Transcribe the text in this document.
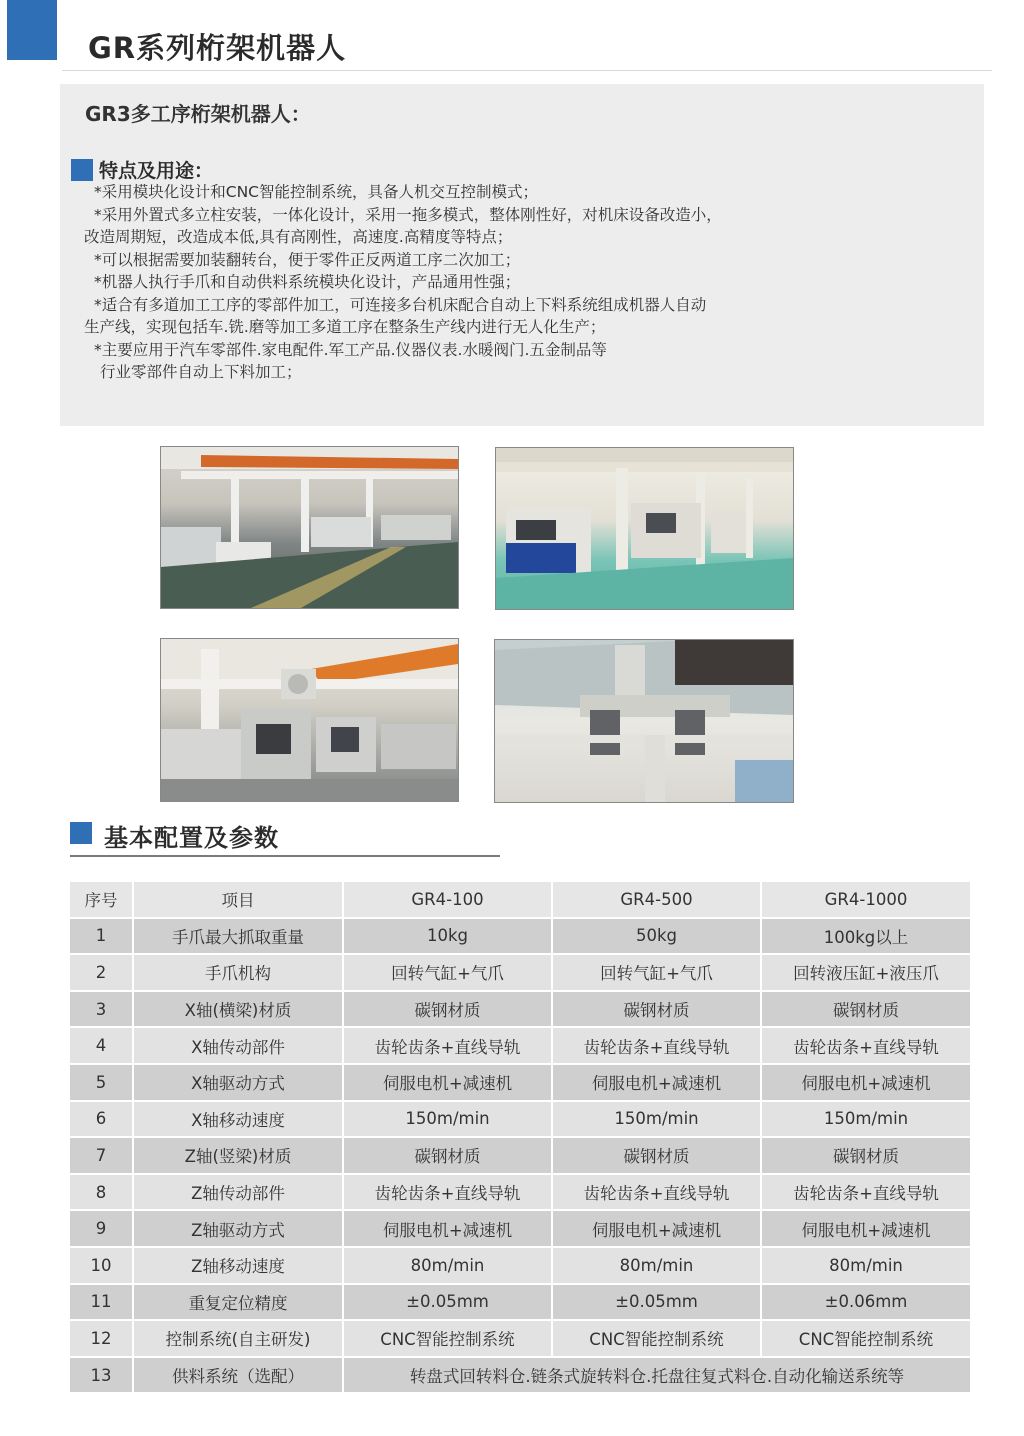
GR系列桁架机器人
GR3多工序桁架机器人：
特点及用途：
*采用模块化设计和CNC智能控制系统，具备人机交互控制模式；
*采用外置式多立柱安装，一体化设计，采用一拖多模式，整体刚性好，对机床设备改造小，
改造周期短，改造成本低,具有高刚性，高速度.高精度等特点；
*可以根据需要加装翻转台，便于零件正反两道工序二次加工；
*机器人执行手爪和自动供料系统模块化设计，产品通用性强；
*适合有多道加工工序的零部件加工，可连接多台机床配合自动上下料系统组成机器人自动
生产线，实现包括车.铣.磨等加工多道工序在整条生产线内进行无人化生产；
*主要应用于汽车零部件.家电配件.军工产品.仪器仪表.水暖阀门.五金制品等
行业零部件自动上下料加工；
基本配置及参数
序号	项目	GR4-100	GR4-500	GR4-1000
1	手爪最大抓取重量	10kg	50kg	100kg以上
2	手爪机构	回转气缸+气爪	回转气缸+气爪	回转液压缸+液压爪
3	X轴(横梁)材质	碳钢材质	碳钢材质	碳钢材质
4	X轴传动部件	齿轮齿条+直线导轨	齿轮齿条+直线导轨	齿轮齿条+直线导轨
5	X轴驱动方式	伺服电机+减速机	伺服电机+减速机	伺服电机+减速机
6	X轴移动速度	150m/min	150m/min	150m/min
7	Z轴(竖梁)材质	碳钢材质	碳钢材质	碳钢材质
8	Z轴传动部件	齿轮齿条+直线导轨	齿轮齿条+直线导轨	齿轮齿条+直线导轨
9	Z轴驱动方式	伺服电机+减速机	伺服电机+减速机	伺服电机+减速机
10	Z轴移动速度	80m/min	80m/min	80m/min
11	重复定位精度	±0.05mm	±0.05mm	±0.06mm
12	控制系统(自主研发)	CNC智能控制系统	CNC智能控制系统	CNC智能控制系统
13	供料系统（选配）	转盘式回转料仓.链条式旋转料仓.托盘往复式料仓.自动化输送系统等		
